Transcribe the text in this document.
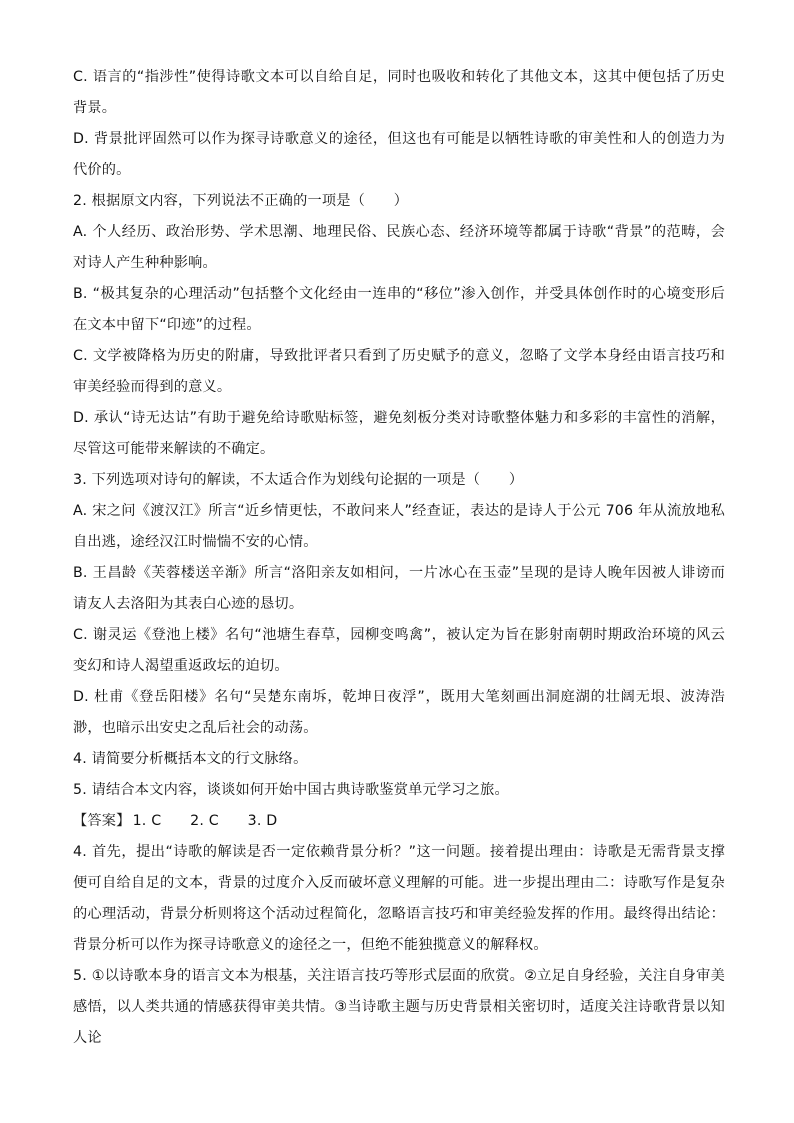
C. 语言的“指涉性”使得诗歌文本可以自给自足，同时也吸收和转化了其他文本，这其中便包括了历史背景。

D. 背景批评固然可以作为探寻诗歌意义的途径，但这也有可能是以牺牲诗歌的审美性和人的创造力为代价的。

2. 根据原文内容，下列说法不正确的一项是（　　）

A. 个人经历、政治形势、学术思潮、地理民俗、民族心态、经济环境等都属于诗歌“背景”的范畴，会对诗人产生种种影响。

B. “极其复杂的心理活动”包括整个文化经由一连串的“移位”渗入创作，并受具体创作时的心境变形后在文本中留下“印迹”的过程。

C. 文学被降格为历史的附庸，导致批评者只看到了历史赋予的意义，忽略了文学本身经由语言技巧和审美经验而得到的意义。

D. 承认“诗无达诂”有助于避免给诗歌贴标签，避免刻板分类对诗歌整体魅力和多彩的丰富性的消解，尽管这可能带来解读的不确定。

3. 下列选项对诗句的解读，不太适合作为划线句论据的一项是（　　）

A. 宋之问《渡汉江》所言“近乡情更怯，不敢问来人”经查证，表达的是诗人于公元 706 年从流放地私自出逃，途经汉江时惴惴不安的心情。

B. 王昌龄《芙蓉楼送辛渐》所言“洛阳亲友如相问，一片冰心在玉壶”呈现的是诗人晚年因被人诽谤而请友人去洛阳为其表白心迹的恳切。

C. 谢灵运《登池上楼》名句“池塘生春草，园柳变鸣禽”，被认定为旨在影射南朝时期政治环境的风云变幻和诗人渴望重返政坛的迫切。

D. 杜甫《登岳阳楼》名句“吴楚东南坼，乾坤日夜浮”，既用大笔刻画出洞庭湖的壮阔无垠、波涛浩渺，也暗示出安史之乱后社会的动荡。

4. 请简要分析概括本文的行文脉络。

5. 请结合本文内容，谈谈如何开始中国古典诗歌鉴赏单元学习之旅。

【答案】 1. C　　2. C　　3. D

4. 首先，提出“诗歌的解读是否一定依赖背景分析？”这一问题。接着提出理由：诗歌是无需背景支撑便可自给自足的文本，背景的过度介入反而破坏意义理解的可能。进一步提出理由二：诗歌写作是复杂的心理活动，背景分析则将这个活动过程简化，忽略语言技巧和审美经验发挥的作用。最终得出结论：背景分析可以作为探寻诗歌意义的途径之一，但绝不能独揽意义的解释权。

5. ①以诗歌本身的语言文本为根基，关注语言技巧等形式层面的欣赏。②立足自身经验，关注自身审美感悟，以人类共通的情感获得审美共情。③当诗歌主题与历史背景相关密切时，适度关注诗歌背景以知人论
